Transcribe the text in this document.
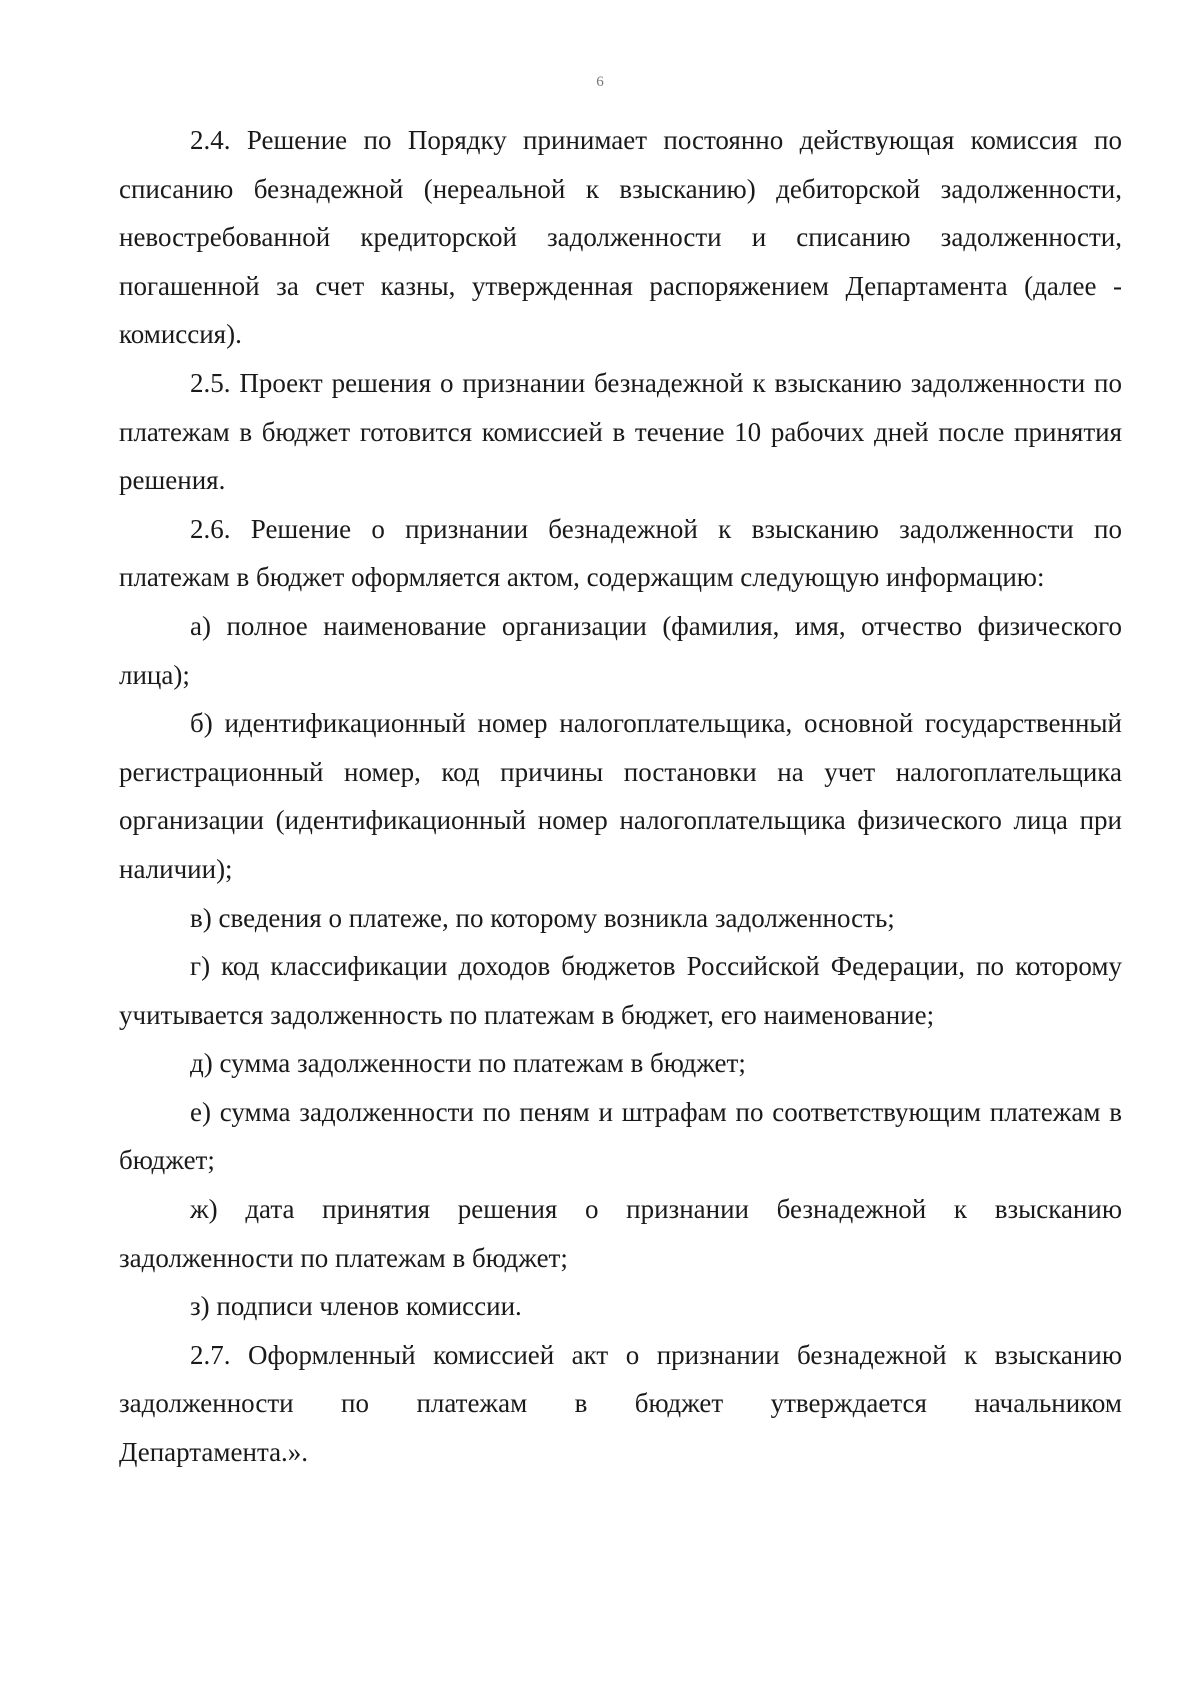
6

2.4. Решение по Порядку принимает постоянно действующая комиссия по списанию безнадежной (нереальной к взысканию) дебиторской задолженности, невостребованной кредиторской задолженности и списанию задолженности, погашенной за счет казны, утвержденная распоряжением Департамента (далее - комиссия).

2.5. Проект решения о признании безнадежной к взысканию задолженности по платежам в бюджет готовится комиссией в течение 10 рабочих дней после принятия решения.

2.6. Решение о признании безнадежной к взысканию задолженности по платежам в бюджет оформляется актом, содержащим следующую информацию:

а) полное наименование организации (фамилия, имя, отчество физического лица);

б) идентификационный номер налогоплательщика, основной государственный регистрационный номер, код причины постановки на учет налогоплательщика организации (идентификационный номер налогоплательщика физического лица при наличии);

в) сведения о платеже, по которому возникла задолженность;

г) код классификации доходов бюджетов Российской Федерации, по которому учитывается задолженность по платежам в бюджет, его наименование;

д) сумма задолженности по платежам в бюджет;

е) сумма задолженности по пеням и штрафам по соответствующим платежам в бюджет;

ж) дата принятия решения о признании безнадежной к взысканию задолженности по платежам в бюджет;

з) подписи членов комиссии.

2.7. Оформленный комиссией акт о признании безнадежной к взысканию задолженности по платежам в бюджет утверждается начальником

Департамента.».
